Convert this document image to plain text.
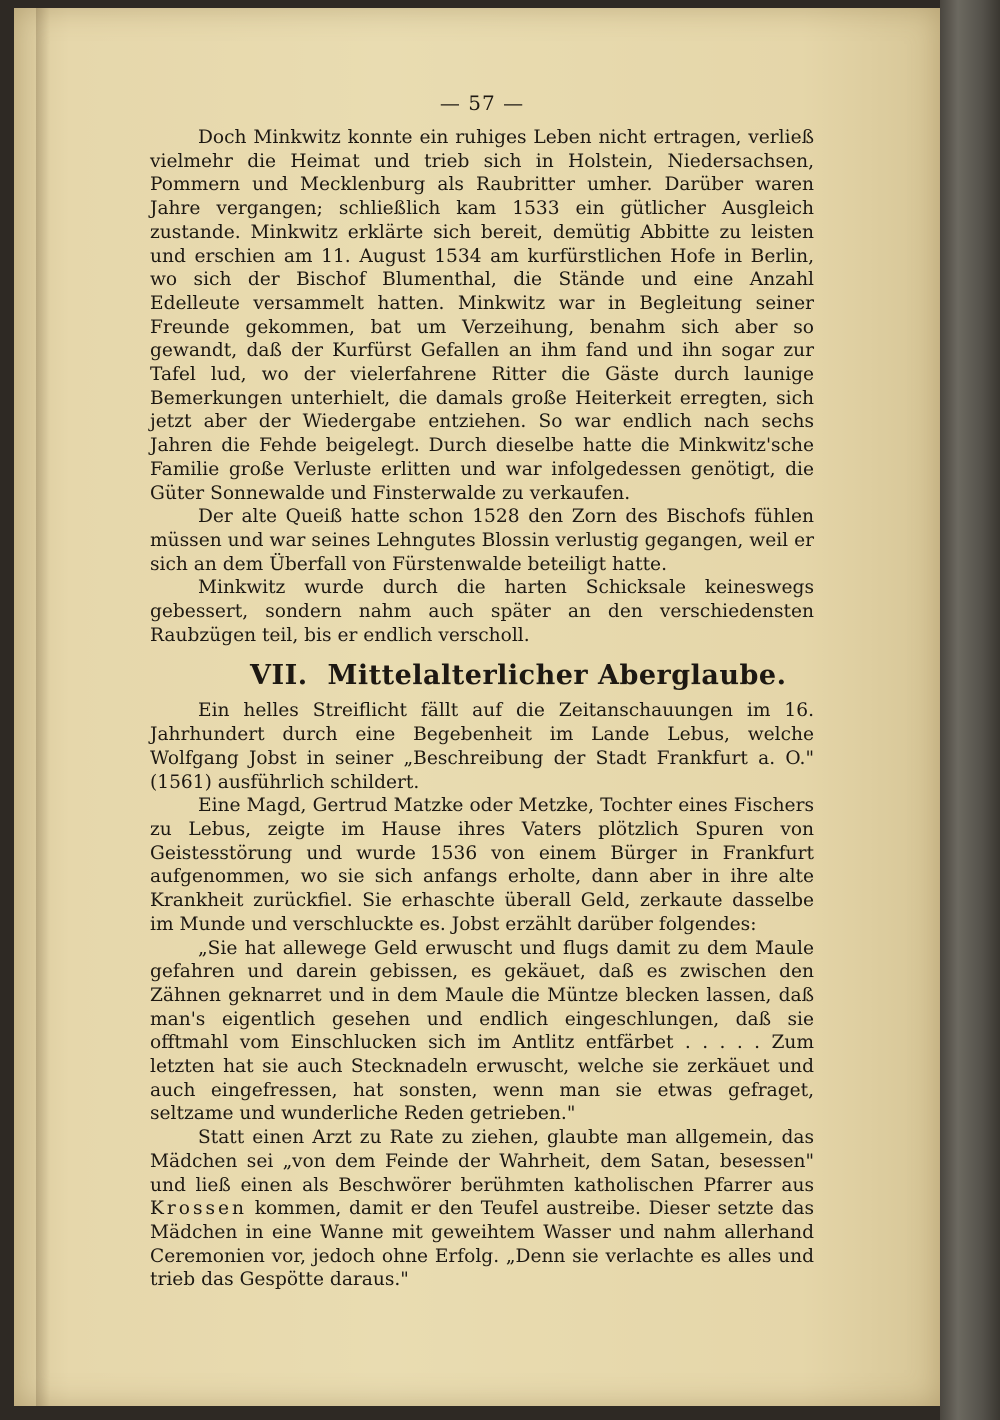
— 57 —

Doch Minkwitz konnte ein ruhiges Leben nicht ertragen, verließ vielmehr die Heimat und trieb sich in Holstein, Niedersachsen, Pommern und Mecklenburg als Raubritter umher. Darüber waren Jahre vergangen; schließlich kam 1533 ein gütlicher Ausgleich zustande. Minkwitz erklärte sich bereit, demütig Abbitte zu leisten und erschien am 11. August 1534 am kurfürstlichen Hofe in Berlin, wo sich der Bischof Blumenthal, die Stände und eine Anzahl Edelleute versammelt hatten. Minkwitz war in Begleitung seiner Freunde gekommen, bat um Verzeihung, benahm sich aber so gewandt, daß der Kurfürst Gefallen an ihm fand und ihn sogar zur Tafel lud, wo der vielerfahrene Ritter die Gäste durch launige Bemerkungen unterhielt, die damals große Heiterkeit erregten, sich jetzt aber der Wiedergabe entziehen. So war endlich nach sechs Jahren die Fehde beigelegt. Durch dieselbe hatte die Minkwitz'sche Familie große Verluste erlitten und war infolgedessen genötigt, die Güter Sonnewalde und Finsterwalde zu verkaufen.

Der alte Queiß hatte schon 1528 den Zorn des Bischofs fühlen müssen und war seines Lehngutes Blossin verlustig gegangen, weil er sich an dem Überfall von Fürstenwalde beteiligt hatte.

Minkwitz wurde durch die harten Schicksale keineswegs gebessert, sondern nahm auch später an den verschiedensten Raubzügen teil, bis er endlich verscholl.

VII. Mittelalterlicher Aberglaube.

Ein helles Streiflicht fällt auf die Zeitanschauungen im 16. Jahrhundert durch eine Begebenheit im Lande Lebus, welche Wolfgang Jobst in seiner „Beschreibung der Stadt Frankfurt a. O." (1561) ausführlich schildert.

Eine Magd, Gertrud Matzke oder Metzke, Tochter eines Fischers zu Lebus, zeigte im Hause ihres Vaters plötzlich Spuren von Geistesstörung und wurde 1536 von einem Bürger in Frankfurt aufgenommen, wo sie sich anfangs erholte, dann aber in ihre alte Krankheit zurückfiel. Sie erhaschte überall Geld, zerkaute dasselbe im Munde und verschluckte es. Jobst erzählt darüber folgendes:

„Sie hat allewege Geld erwuscht und flugs damit zu dem Maule gefahren und darein gebissen, es gekäuet, daß es zwischen den Zähnen geknarret und in dem Maule die Müntze blecken lassen, daß man's eigentlich gesehen und endlich eingeschlungen, daß sie offtmahl vom Einschlucken sich im Antlitz entfärbet . . . . . Zum letzten hat sie auch Stecknadeln erwuscht, welche sie zerkäuet und auch eingefressen, hat sonsten, wenn man sie etwas gefraget, seltzame und wunderliche Reden getrieben."

Statt einen Arzt zu Rate zu ziehen, glaubte man allgemein, das Mädchen sei „von dem Feinde der Wahrheit, dem Satan, besessen" und ließ einen als Beschwörer berühmten katholischen Pfarrer aus Krossen kommen, damit er den Teufel austreibe. Dieser setzte das Mädchen in eine Wanne mit geweihtem Wasser und nahm allerhand Ceremonien vor, jedoch ohne Erfolg. „Denn sie verlachte es alles und trieb das Gespötte daraus."
